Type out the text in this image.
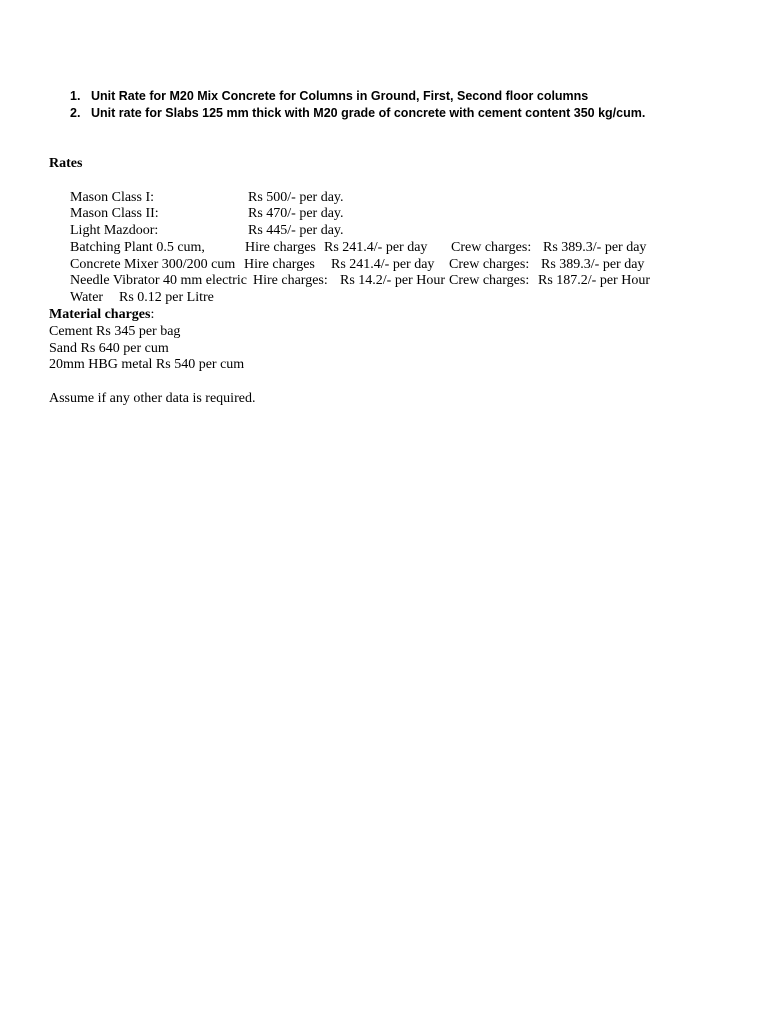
1. Unit Rate for M20 Mix Concrete for Columns in Ground, First, Second floor columns
2. Unit rate for Slabs 125 mm thick with M20 grade of concrete with cement content 350 kg/cum.
Rates
Mason Class I:	Rs 500/- per day.
Mason Class II:	Rs 470/- per day.
Light Mazdoor:	Rs 445/- per day.
Batching Plant 0.5 cum,	Hire charges Rs 241.4/- per day Crew charges: Rs 389.3/- per day
Concrete Mixer 300/200 cum Hire charges Rs 241.4/- per day Crew charges: Rs 389.3/- per day
Needle Vibrator 40 mm electric Hire charges: Rs 14.2/- per Hour Crew charges: Rs 187.2/- per Hour
Water Rs 0.12 per Litre
Material charges:
Cement Rs 345 per bag
Sand Rs 640 per cum
20mm HBG metal Rs 540 per cum
Assume if any other data is required.
